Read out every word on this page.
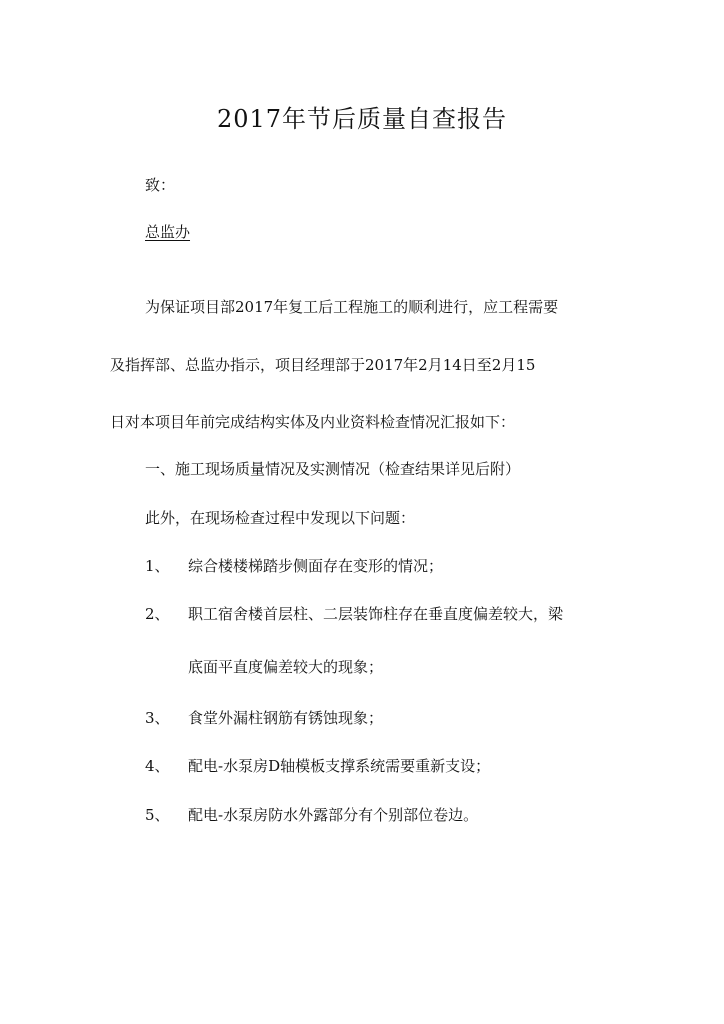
2017年节后质量自查报告
致：
总监办
为保证项目部2017年复工后工程施工的顺利进行，应工程需要
及指挥部、总监办指示，项目经理部于2017年2月14日至2月15
日对本项目年前完成结构实体及内业资料检查情况汇报如下：
一、施工现场质量情况及实测情况（检查结果详见后附）
此外，在现场检查过程中发现以下问题：
1、 综合楼楼梯踏步侧面存在变形的情况；
2、 职工宿舍楼首层柱、二层装饰柱存在垂直度偏差较大，梁
底面平直度偏差较大的现象；
3、 食堂外漏柱钢筋有锈蚀现象；
4、 配电-水泵房D轴模板支撑系统需要重新支设；
5、 配电-水泵房防水外露部分有个别部位卷边。
